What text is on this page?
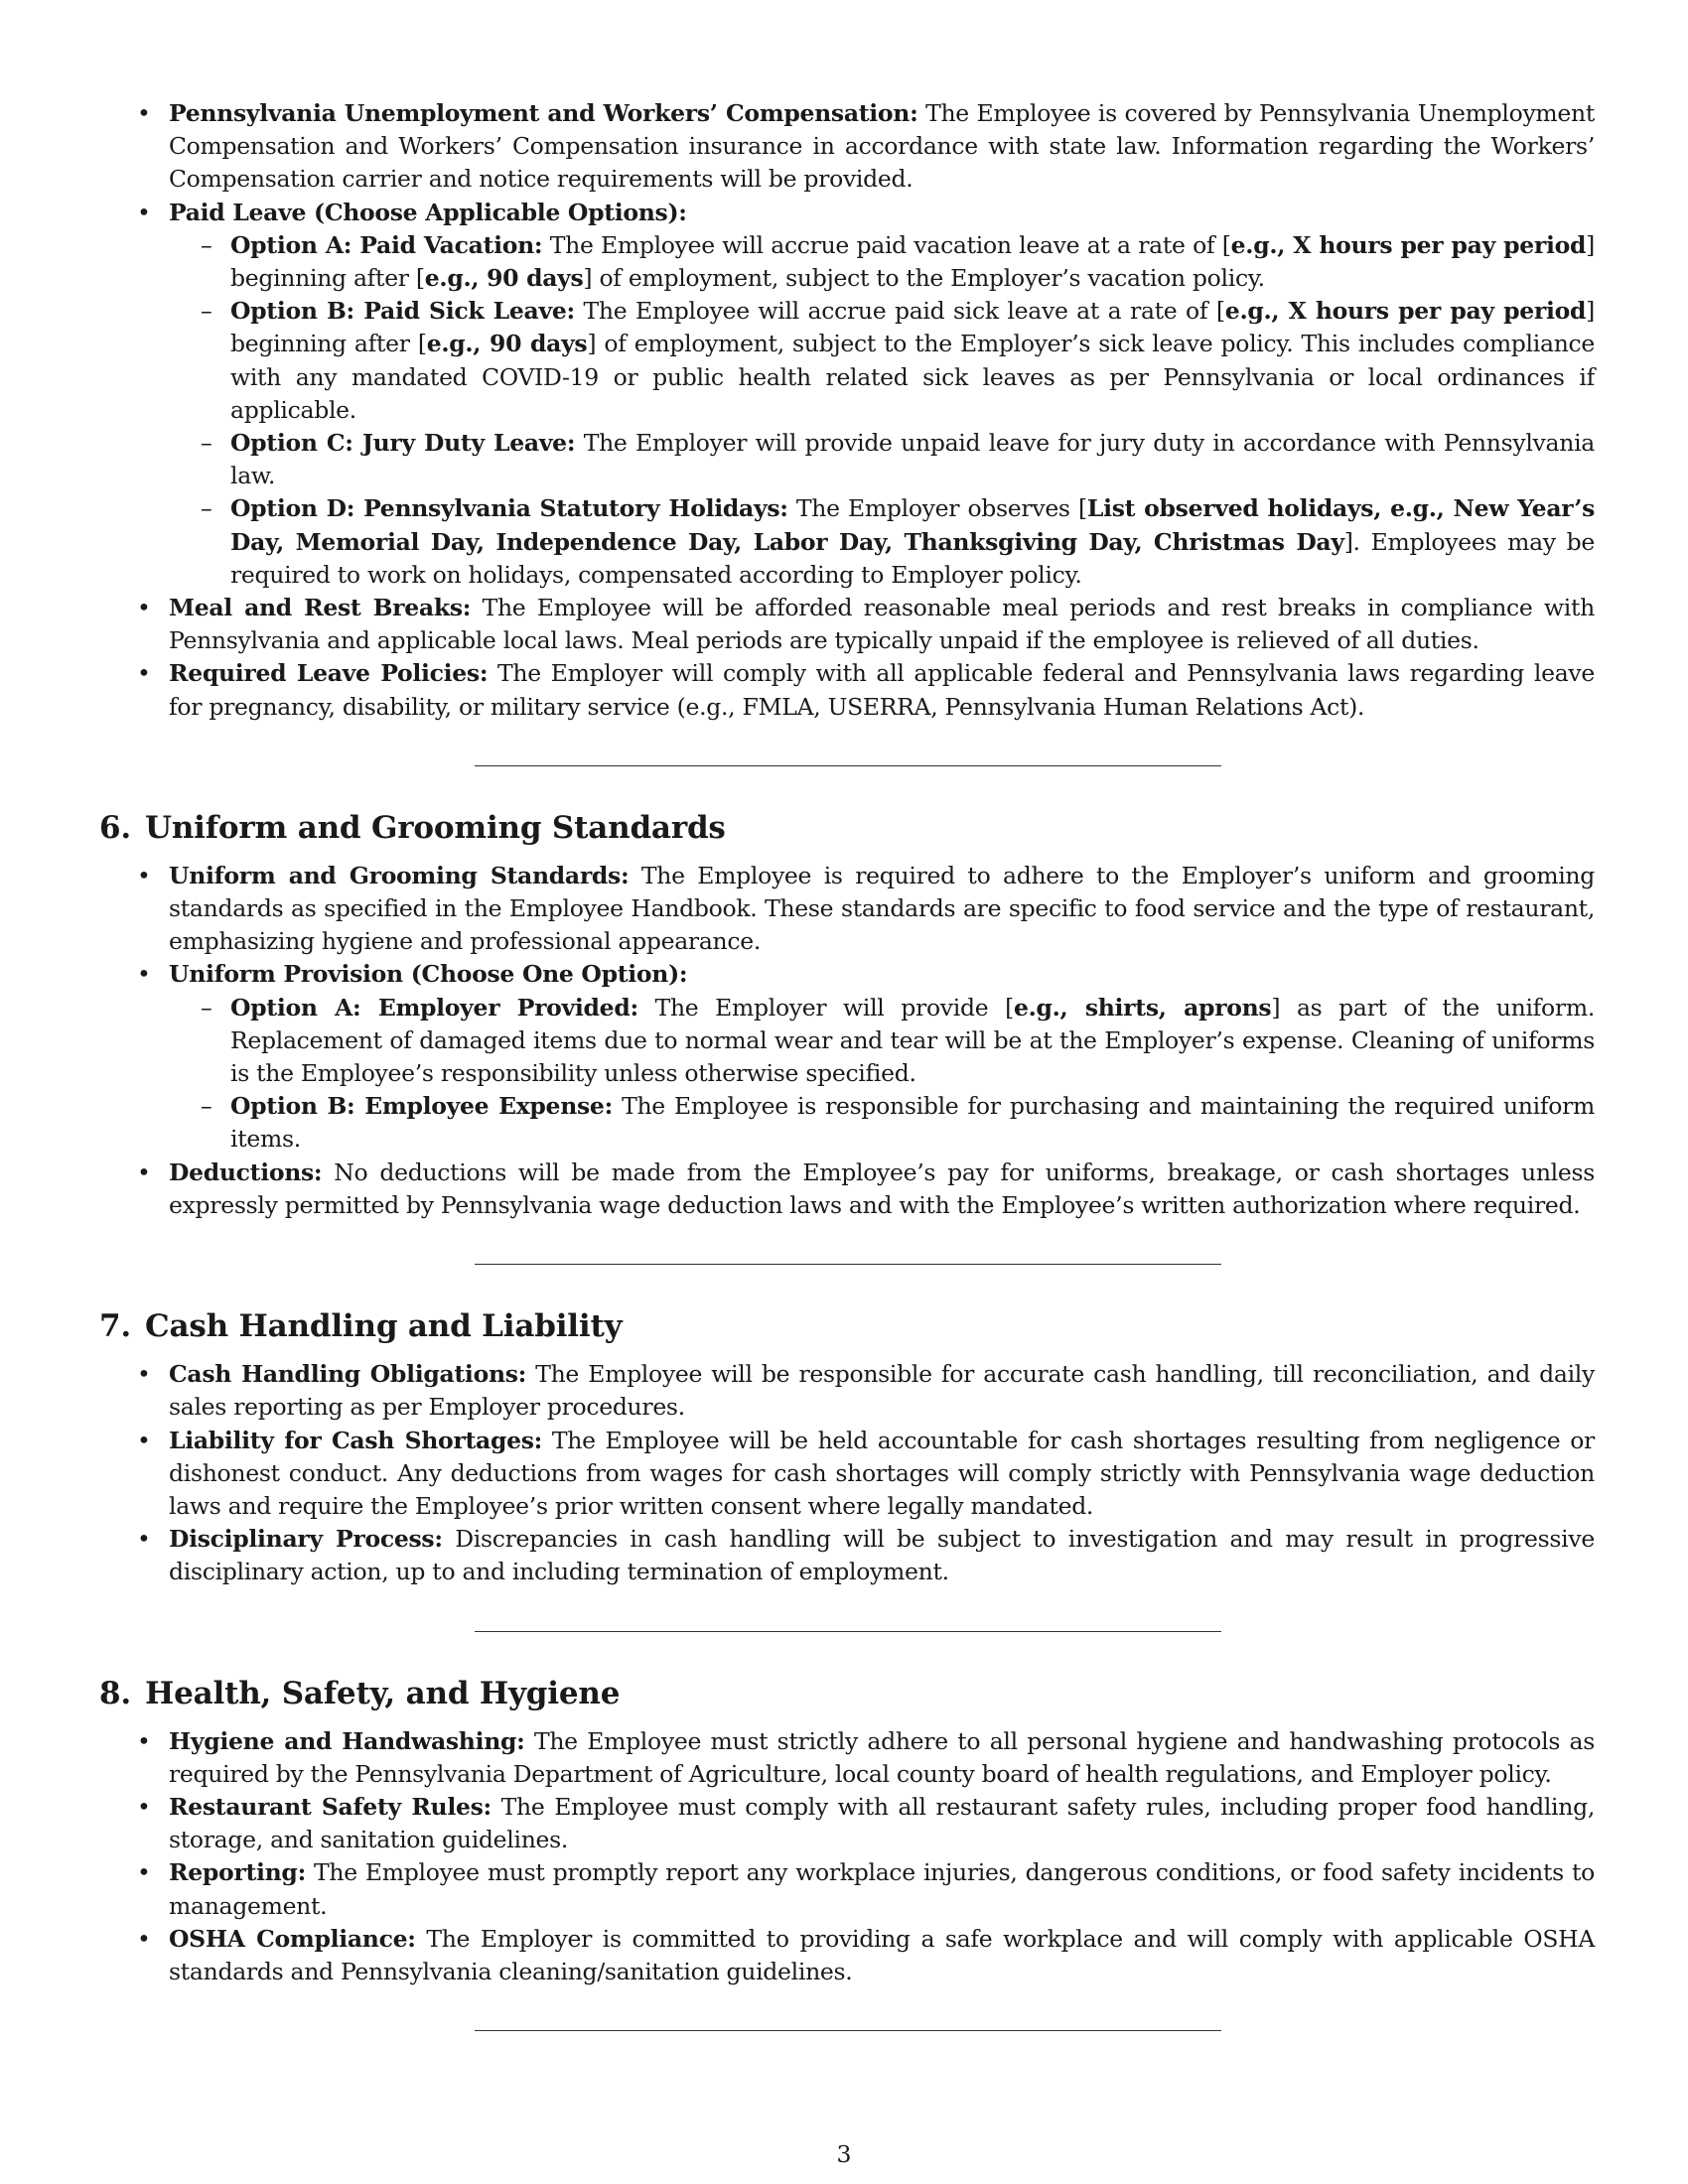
• Pennsylvania Unemployment and Workers’ Compensation: The Employee is covered by Pennsylvania Unemployment Compensation and Workers’ Compensation insurance in accordance with state law. Information regarding the Workers’ Compensation carrier and notice requirements will be provided.
• Paid Leave (Choose Applicable Options):
– Option A: Paid Vacation: The Employee will accrue paid vacation leave at a rate of [e.g., X hours per pay period] beginning after [e.g., 90 days] of employment, subject to the Employer’s vacation policy.
– Option B: Paid Sick Leave: The Employee will accrue paid sick leave at a rate of [e.g., X hours per pay period] beginning after [e.g., 90 days] of employment, subject to the Employer’s sick leave policy. This includes compliance with any mandated COVID-19 or public health related sick leaves as per Pennsylvania or local ordinances if applicable.
– Option C: Jury Duty Leave: The Employer will provide unpaid leave for jury duty in accordance with Pennsylvania law.
– Option D: Pennsylvania Statutory Holidays: The Employer observes [List observed holidays, e.g., New Year’s Day, Memorial Day, Independence Day, Labor Day, Thanksgiving Day, Christmas Day]. Employees may be required to work on holidays, compensated according to Employer policy.
• Meal and Rest Breaks: The Employee will be afforded reasonable meal periods and rest breaks in compliance with Pennsylvania and applicable local laws. Meal periods are typically unpaid if the employee is relieved of all duties.
• Required Leave Policies: The Employer will comply with all applicable federal and Pennsylvania laws regarding leave for pregnancy, disability, or military service (e.g., FMLA, USERRA, Pennsylvania Human Relations Act).
6. Uniform and Grooming Standards
• Uniform and Grooming Standards: The Employee is required to adhere to the Employer’s uniform and grooming standards as specified in the Employee Handbook. These standards are specific to food service and the type of restaurant, emphasizing hygiene and professional appearance.
• Uniform Provision (Choose One Option):
– Option A: Employer Provided: The Employer will provide [e.g., shirts, aprons] as part of the uniform. Replacement of damaged items due to normal wear and tear will be at the Employer’s expense. Cleaning of uniforms is the Employee’s responsibility unless otherwise specified.
– Option B: Employee Expense: The Employee is responsible for purchasing and maintaining the required uniform items.
• Deductions: No deductions will be made from the Employee’s pay for uniforms, breakage, or cash shortages unless expressly permitted by Pennsylvania wage deduction laws and with the Employee’s written authorization where required.
7. Cash Handling and Liability
• Cash Handling Obligations: The Employee will be responsible for accurate cash handling, till reconciliation, and daily sales reporting as per Employer procedures.
• Liability for Cash Shortages: The Employee will be held accountable for cash shortages resulting from negligence or dishonest conduct. Any deductions from wages for cash shortages will comply strictly with Pennsylvania wage deduction laws and require the Employee’s prior written consent where legally mandated.
• Disciplinary Process: Discrepancies in cash handling will be subject to investigation and may result in progressive disciplinary action, up to and including termination of employment.
8. Health, Safety, and Hygiene
• Hygiene and Handwashing: The Employee must strictly adhere to all personal hygiene and handwashing protocols as required by the Pennsylvania Department of Agriculture, local county board of health regulations, and Employer policy.
• Restaurant Safety Rules: The Employee must comply with all restaurant safety rules, including proper food handling, storage, and sanitation guidelines.
• Reporting: The Employee must promptly report any workplace injuries, dangerous conditions, or food safety incidents to management.
• OSHA Compliance: The Employer is committed to providing a safe workplace and will comply with applicable OSHA standards and Pennsylvania cleaning/sanitation guidelines.
3
